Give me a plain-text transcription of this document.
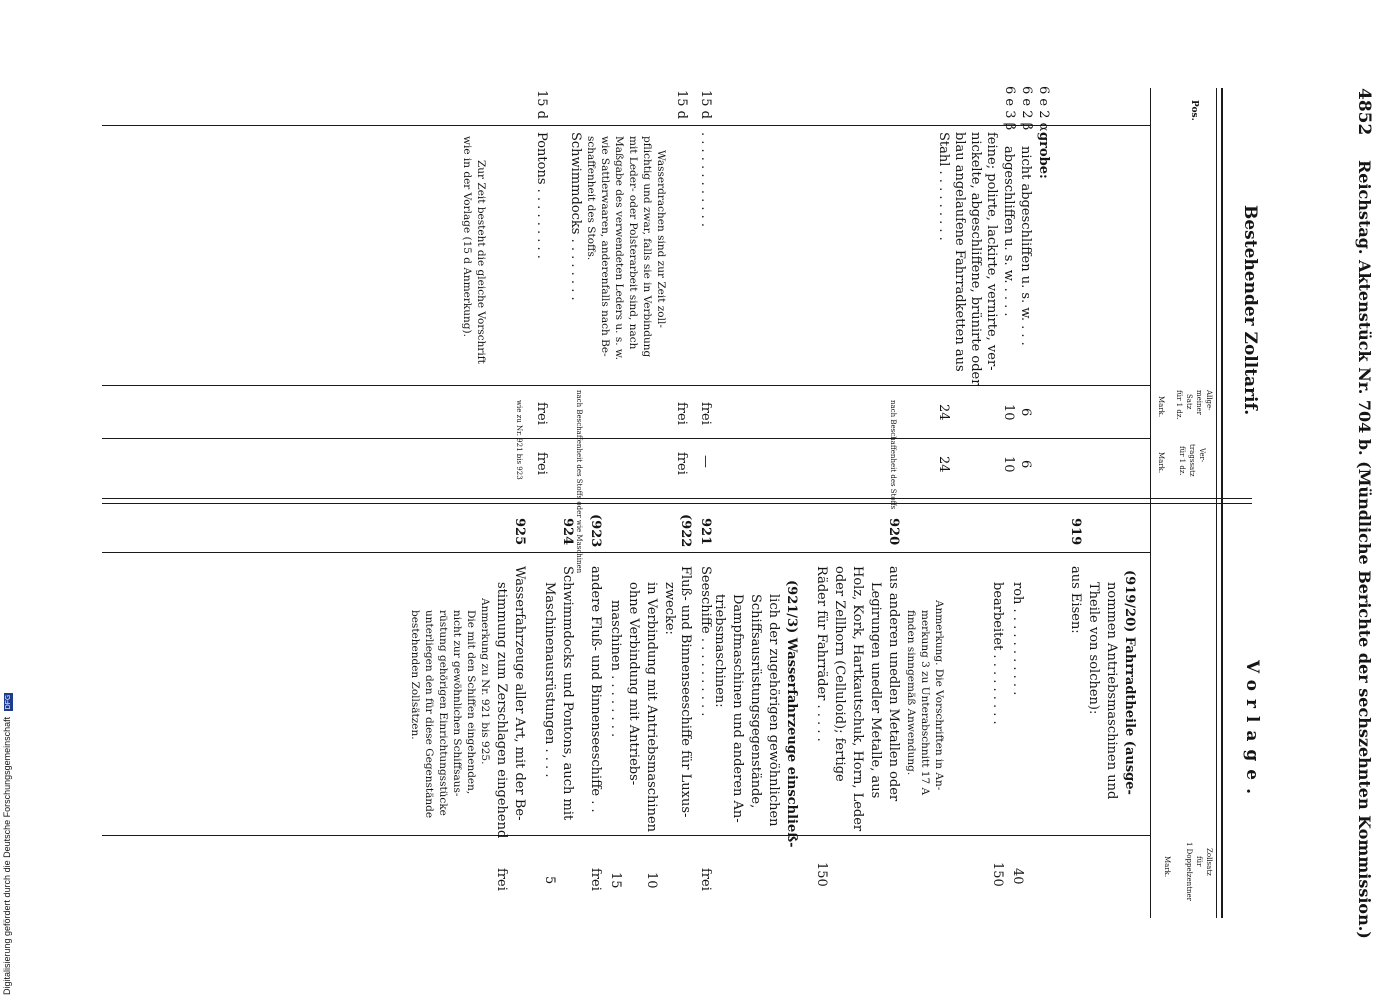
4852
Reichstag. Aktenstück Nr. 704 b. (Mündliche Berichte der sechszehnten Kommission.)
Bestehender Zolltarif.
Pos.
Allge-
meiner
Satz
für 1 dz.
Mark.
Ver-
tragssatz
für 1 dz.
Mark.
6 e 2 α
grobe:
nicht abgeschliffen u. s. w. . . .
6
6
6 e 2 β
abgeschliffen u. s. w. . . . .
10
10
6 e 3 β
feine; polirte, lackirte, vernirte, ver-
nickelte, abgeschliffene, brünirte oder
blau angelaufene Fahrradketten aus
Stahl . . . . . . . . .
24
24
nach Beschaffenheit des Stoffs
15 d
. . . . . . . . . . . .
frei
—
15 d
Wasserdrachen sind zur Zeit zoll-
frei
frei
pflichtig und zwar, falls sie in Verbindung
mit Leder- oder Polsterarbeit sind, nach
Maßgabe des verwendeten Leders u. s. w.
wie Sattlerwaaren, anderenfalls nach Be-
schaffenheit des Stoffs.
Schwimmdocks . . . . . . . .
nach Beschaffenheit des Stoffs oder wie Maschinen
15 d
Pontons . . . . . . . . .
frei
frei
wie zu Nr. 921 bis 923
Zur Zeit besteht die gleiche Vorschrift
wie in der Vorlage (15 d Anmerkung).
Vorlage.
Zollsatz
für
1 Doppelzentner
Mark.
(919/20) Fahrradtheile (ausge-
nommen Antriebsmaschinen und
Theile von solchen):
919
aus Eisen:
roh . . . . . . . . . . .
40
bearbeitet . . . . . . . . .
150
Anmerkung. Die Vorschriften in An-
merkung 3 zu Unterabschnitt 17 A
finden sinngemäß Anwendung.
920
aus anderen unedlen Metallen oder
Legirungen unedler Metalle, aus
Holz, Kork, Hartkautschuk, Horn, Leder
oder Zellhorn (Celluloid); fertige
Räder für Fahrräder . . . . .
150
(921/3) Wasserfahrzeuge einschließ-
lich der zugehörigen gewöhnlichen
Schiffsausrüstungsgegenstände,
Dampfmaschinen und anderen An-
triebsmaschinen:
921
Seeschiffe . . . . . . . . . .
frei
(922
Fluß- und Binnenseeschiffe für Luxus-
zwecke:
in Verbindung mit Antriebsmaschinen
10
ohne Verbindung mit Antriebs-
maschinen . . . . . . . .
15
(923
andere Fluß- und Binnenseeschiffe . .
frei
924
Schwimmdocks und Pontons, auch mit
Maschinenausrüstungen . . . .
5
925
Wasserfahrzeuge aller Art, mit der Be-
stimmung zum Zerschlagen eingehend
frei
Anmerkung zu Nr. 921 bis 925.
Die mit den Schiffen eingehenden,
nicht zur gewöhnlichen Schiffsaus-
rüstung gehörigen Einrichtungsstücke
unterliegen den für diese Gegenstände
bestehenden Zollsätzen.
Digitalisierung gefördert durch die Deutsche Forschungsgemeinschaft DFG
